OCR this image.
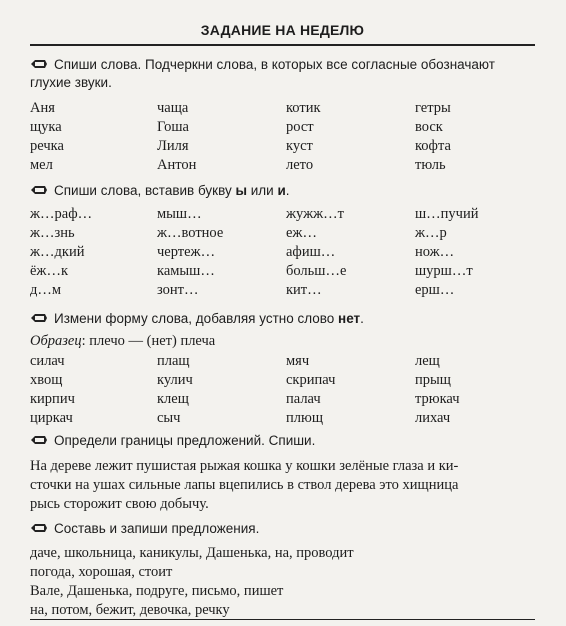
ЗАДАНИЕ НА НЕДЕЛЮ
Спиши слова. Подчеркни слова, в которых все согласные обозначают глухие звуки.
Аня	чаща	котик	гетры
щука	Гоша	рост	воск
речка	Лиля	куст	кофта
мел	Антон	лето	тюль
Спиши слова, вставив букву ы или и.
ж…раф…	мыш…	жужж…т	ш…пучий
ж…знь	ж…вотное	еж…	ж…р
ж…дкий	чертеж…	афиш…	нож…
ёж…к	камыш…	больш…е	шурш…т
д…м	зонт…	кит…	ерш…
Измени форму слова, добавляя устно слово нет.
Образец: плечо — (нет) плеча
силач	плащ	мяч	лещ
хвощ	кулич	скрипач	прыщ
кирпич	клещ	палач	трюкач
циркач	сыч	плющ	лихач
Определи границы предложений. Спиши.
На дереве лежит пушистая рыжая кошка у кошки зелёные глаза и ки-
сточки на ушах сильные лапы вцепились в ствол дерева это хищница
рысь сторожит свою добычу.
Составь и запиши предложения.
даче, школьница, каникулы, Дашенька, на, проводит
погода, хорошая, стоит
Вале, Дашенька, подруге, письмо, пишет
на, потом, бежит, девочка, речку
